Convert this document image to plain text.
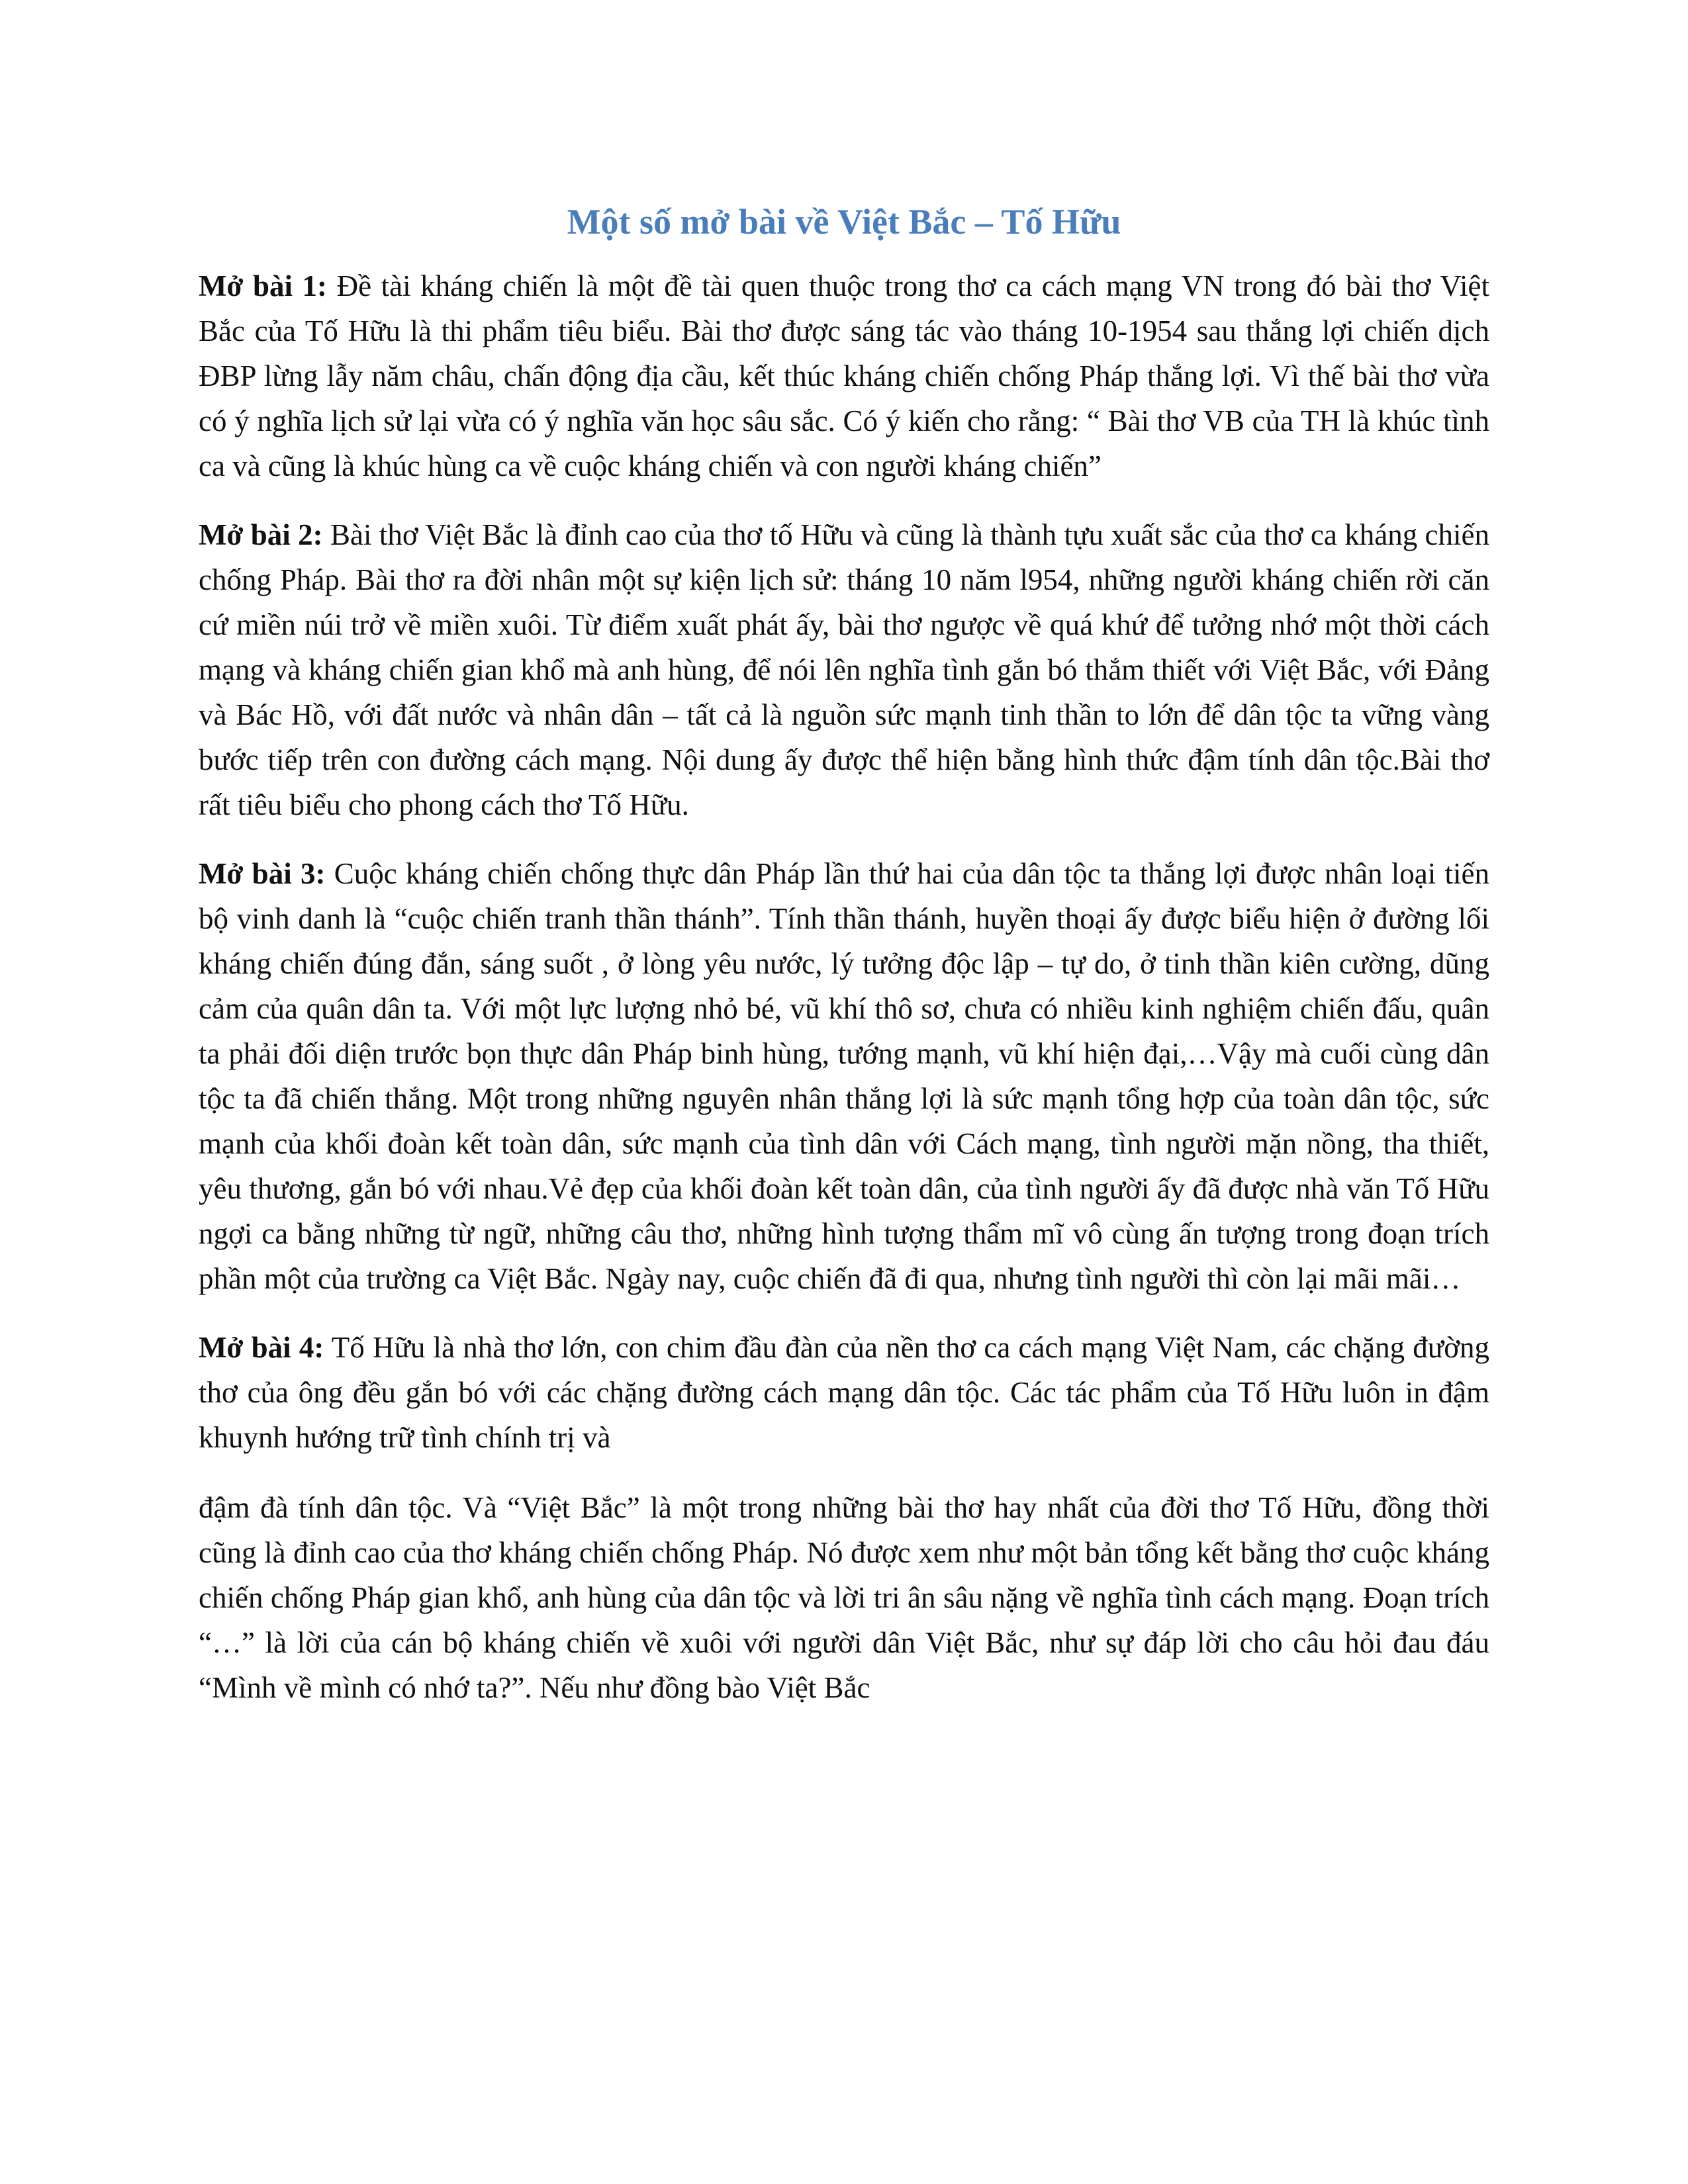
Một số mở bài về Việt Bắc – Tố Hữu

Mở bài 1: Đề tài kháng chiến là một đề tài quen thuộc trong thơ ca cách mạng VN trong đó bài thơ Việt Bắc của Tố Hữu là thi phẩm tiêu biểu. Bài thơ được sáng tác vào tháng 10-1954 sau thắng lợi chiến dịch ĐBP lừng lẫy năm châu, chấn động địa cầu, kết thúc kháng chiến chống Pháp thắng lợi. Vì thế bài thơ vừa có ý nghĩa lịch sử lại vừa có ý nghĩa văn học sâu sắc. Có ý kiến cho rằng: “ Bài thơ VB của TH là khúc tình ca và cũng là khúc hùng ca về cuộc kháng chiến và con người kháng chiến”

Mở bài 2: Bài thơ Việt Bắc là đỉnh cao của thơ tố Hữu và cũng là thành tựu xuất sắc của thơ ca kháng chiến chống Pháp. Bài thơ ra đời nhân một sự kiện lịch sử: tháng 10 năm l954, những người kháng chiến rời căn cứ miền núi trở về miền xuôi. Từ điểm xuất phát ấy, bài thơ ngược về quá khứ để tưởng nhớ một thời cách mạng và kháng chiến gian khổ mà anh hùng, để nói lên nghĩa tình gắn bó thắm thiết với Việt Bắc, với Đảng và Bác Hồ, với đất nước và nhân dân – tất cả là nguồn sức mạnh tinh thần to lớn để dân tộc ta vững vàng bước tiếp trên con đường cách mạng. Nội dung ấy được thể hiện bằng hình thức đậm tính dân tộc.Bài thơ rất tiêu biểu cho phong cách thơ Tố Hữu.

Mở bài 3: Cuộc kháng chiến chống thực dân Pháp lần thứ hai của dân tộc ta thắng lợi được nhân loại tiến bộ vinh danh là “cuộc chiến tranh thần thánh”. Tính thần thánh, huyền thoại ấy được biểu hiện ở đường lối kháng chiến đúng đắn, sáng suốt , ở lòng yêu nước, lý tưởng độc lập – tự do, ở tinh thần kiên cường, dũng cảm của quân dân ta. Với một lực lượng nhỏ bé, vũ khí thô sơ, chưa có nhiều kinh nghiệm chiến đấu, quân ta phải đối diện trước bọn thực dân Pháp binh hùng, tướng mạnh, vũ khí hiện đại,…Vậy mà cuối cùng dân tộc ta đã chiến thắng. Một trong những nguyên nhân thắng lợi là sức mạnh tổng hợp của toàn dân tộc, sức mạnh của khối đoàn kết toàn dân, sức mạnh của tình dân với Cách mạng, tình người mặn nồng, tha thiết, yêu thương, gắn bó với nhau.Vẻ đẹp của khối đoàn kết toàn dân, của tình người ấy đã được nhà văn Tố Hữu ngợi ca bằng những từ ngữ, những câu thơ, những hình tượng thẩm mĩ vô cùng ấn tượng trong đoạn trích phần một của trường ca Việt Bắc. Ngày nay, cuộc chiến đã đi qua, nhưng tình người thì còn lại mãi mãi…

Mở bài 4: Tố Hữu là nhà thơ lớn, con chim đầu đàn của nền thơ ca cách mạng Việt Nam, các chặng đường thơ của ông đều gắn bó với các chặng đường cách mạng dân tộc. Các tác phẩm của Tố Hữu luôn in đậm khuynh hướng trữ tình chính trị và

đậm đà tính dân tộc. Và “Việt Bắc” là một trong những bài thơ hay nhất của đời thơ Tố Hữu, đồng thời cũng là đỉnh cao của thơ kháng chiến chống Pháp. Nó được xem như một bản tổng kết bằng thơ cuộc kháng chiến chống Pháp gian khổ, anh hùng của dân tộc và lời tri ân sâu nặng về nghĩa tình cách mạng. Đoạn trích “…” là lời của cán bộ kháng chiến về xuôi với người dân Việt Bắc, như sự đáp lời cho câu hỏi đau đáu “Mình về mình có nhớ ta?”. Nếu như đồng bào Việt Bắc
